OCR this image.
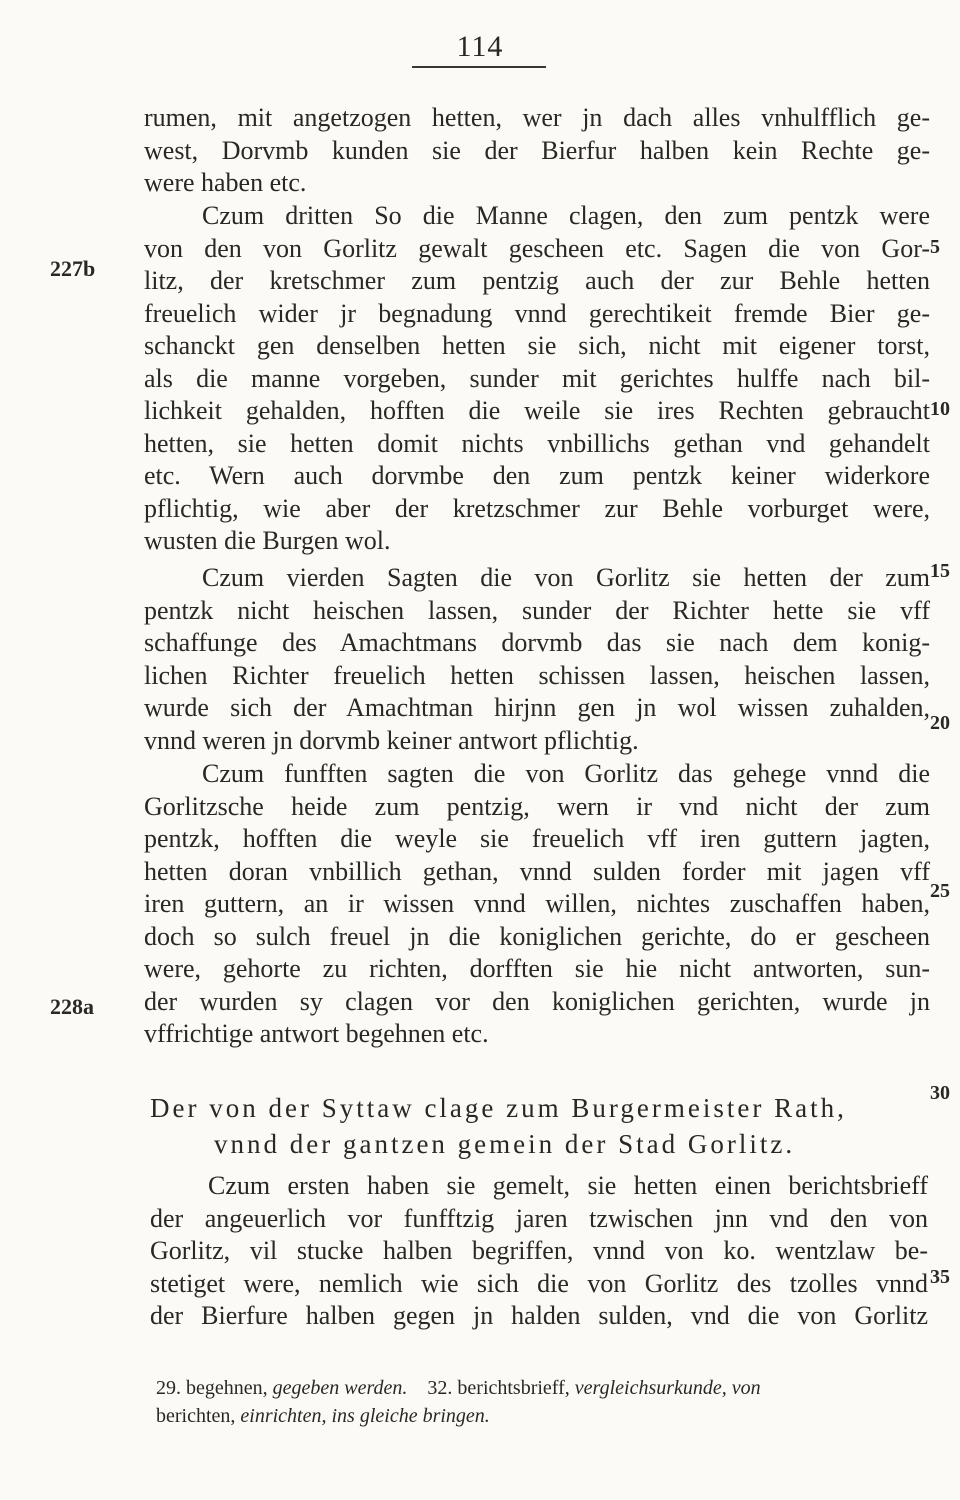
114
rumen, mit angetzogen hetten, wer jn dach alles vnhulfflich ge-
west, Dorvmb kunden sie der Bierfur halben kein Rechte ge-
were haben etc.
Czum dritten So die Manne clagen, den zum pentzk were
von den von Gorlitz gewalt gescheen etc. Sagen die von Gor-
litz, der kretschmer zum pentzig auch der zur Behle hetten
freuelich wider jr begnadung vnnd gerechtikeit fremde Bier ge-
schanckt gen denselben hetten sie sich, nicht mit eigener torst,
als die manne vorgeben, sunder mit gerichtes hulffe nach bil-
lichkeit gehalden, hofften die weile sie ires Rechten gebraucht
hetten, sie hetten domit nichts vnbillichs gethan vnd gehandelt
etc. Wern auch dorvmbe den zum pentzk keiner widerkore
pflichtig, wie aber der kretzschmer zur Behle vorburget were,
wusten die Burgen wol.
Czum vierden Sagten die von Gorlitz sie hetten der zum
pentzk nicht heischen lassen, sunder der Richter hette sie vff
schaffunge des Amachtmans dorvmb das sie nach dem konig-
lichen Richter freuelich hetten schissen lassen, heischen lassen,
wurde sich der Amachtman hirjnn gen jn wol wissen zuhalden,
vnnd weren jn dorvmb keiner antwort pflichtig.
Czum funfften sagten die von Gorlitz das gehege vnnd die
Gorlitzsche heide zum pentzig, wern ir vnd nicht der zum
pentzk, hofften die weyle sie freuelich vff iren guttern jagten,
hetten doran vnbillich gethan, vnnd sulden forder mit jagen vff
iren guttern, an ir wissen vnnd willen, nichtes zuschaffen haben,
doch so sulch freuel jn die koniglichen gerichte, do er gescheen
were, gehorte zu richten, dorfften sie hie nicht antworten, sun-
der wurden sy clagen vor den koniglichen gerichten, wurde jn
vffrichtige antwort begehnen etc.
Der von der Syttaw clage zum Burgermeister Rath,
vnnd der gantzen gemein der Stad Gorlitz.
Czum ersten haben sie gemelt, sie hetten einen berichtsbrieff
der angeuerlich vor funfftzig jaren tzwischen jnn vnd den von
Gorlitz, vil stucke halben begriffen, vnnd von ko. wentzlaw be-
stetiget were, nemlich wie sich die von Gorlitz des tzolles vnnd
der Bierfure halben gegen jn halden sulden, vnd die von Gorlitz
227b
228a
5
10
15
20
25
30
35
29. begehnen, gegeben werden. 32. berichtsbrieff, vergleichsurkunde, von
berichten, einrichten, ins gleiche bringen.
